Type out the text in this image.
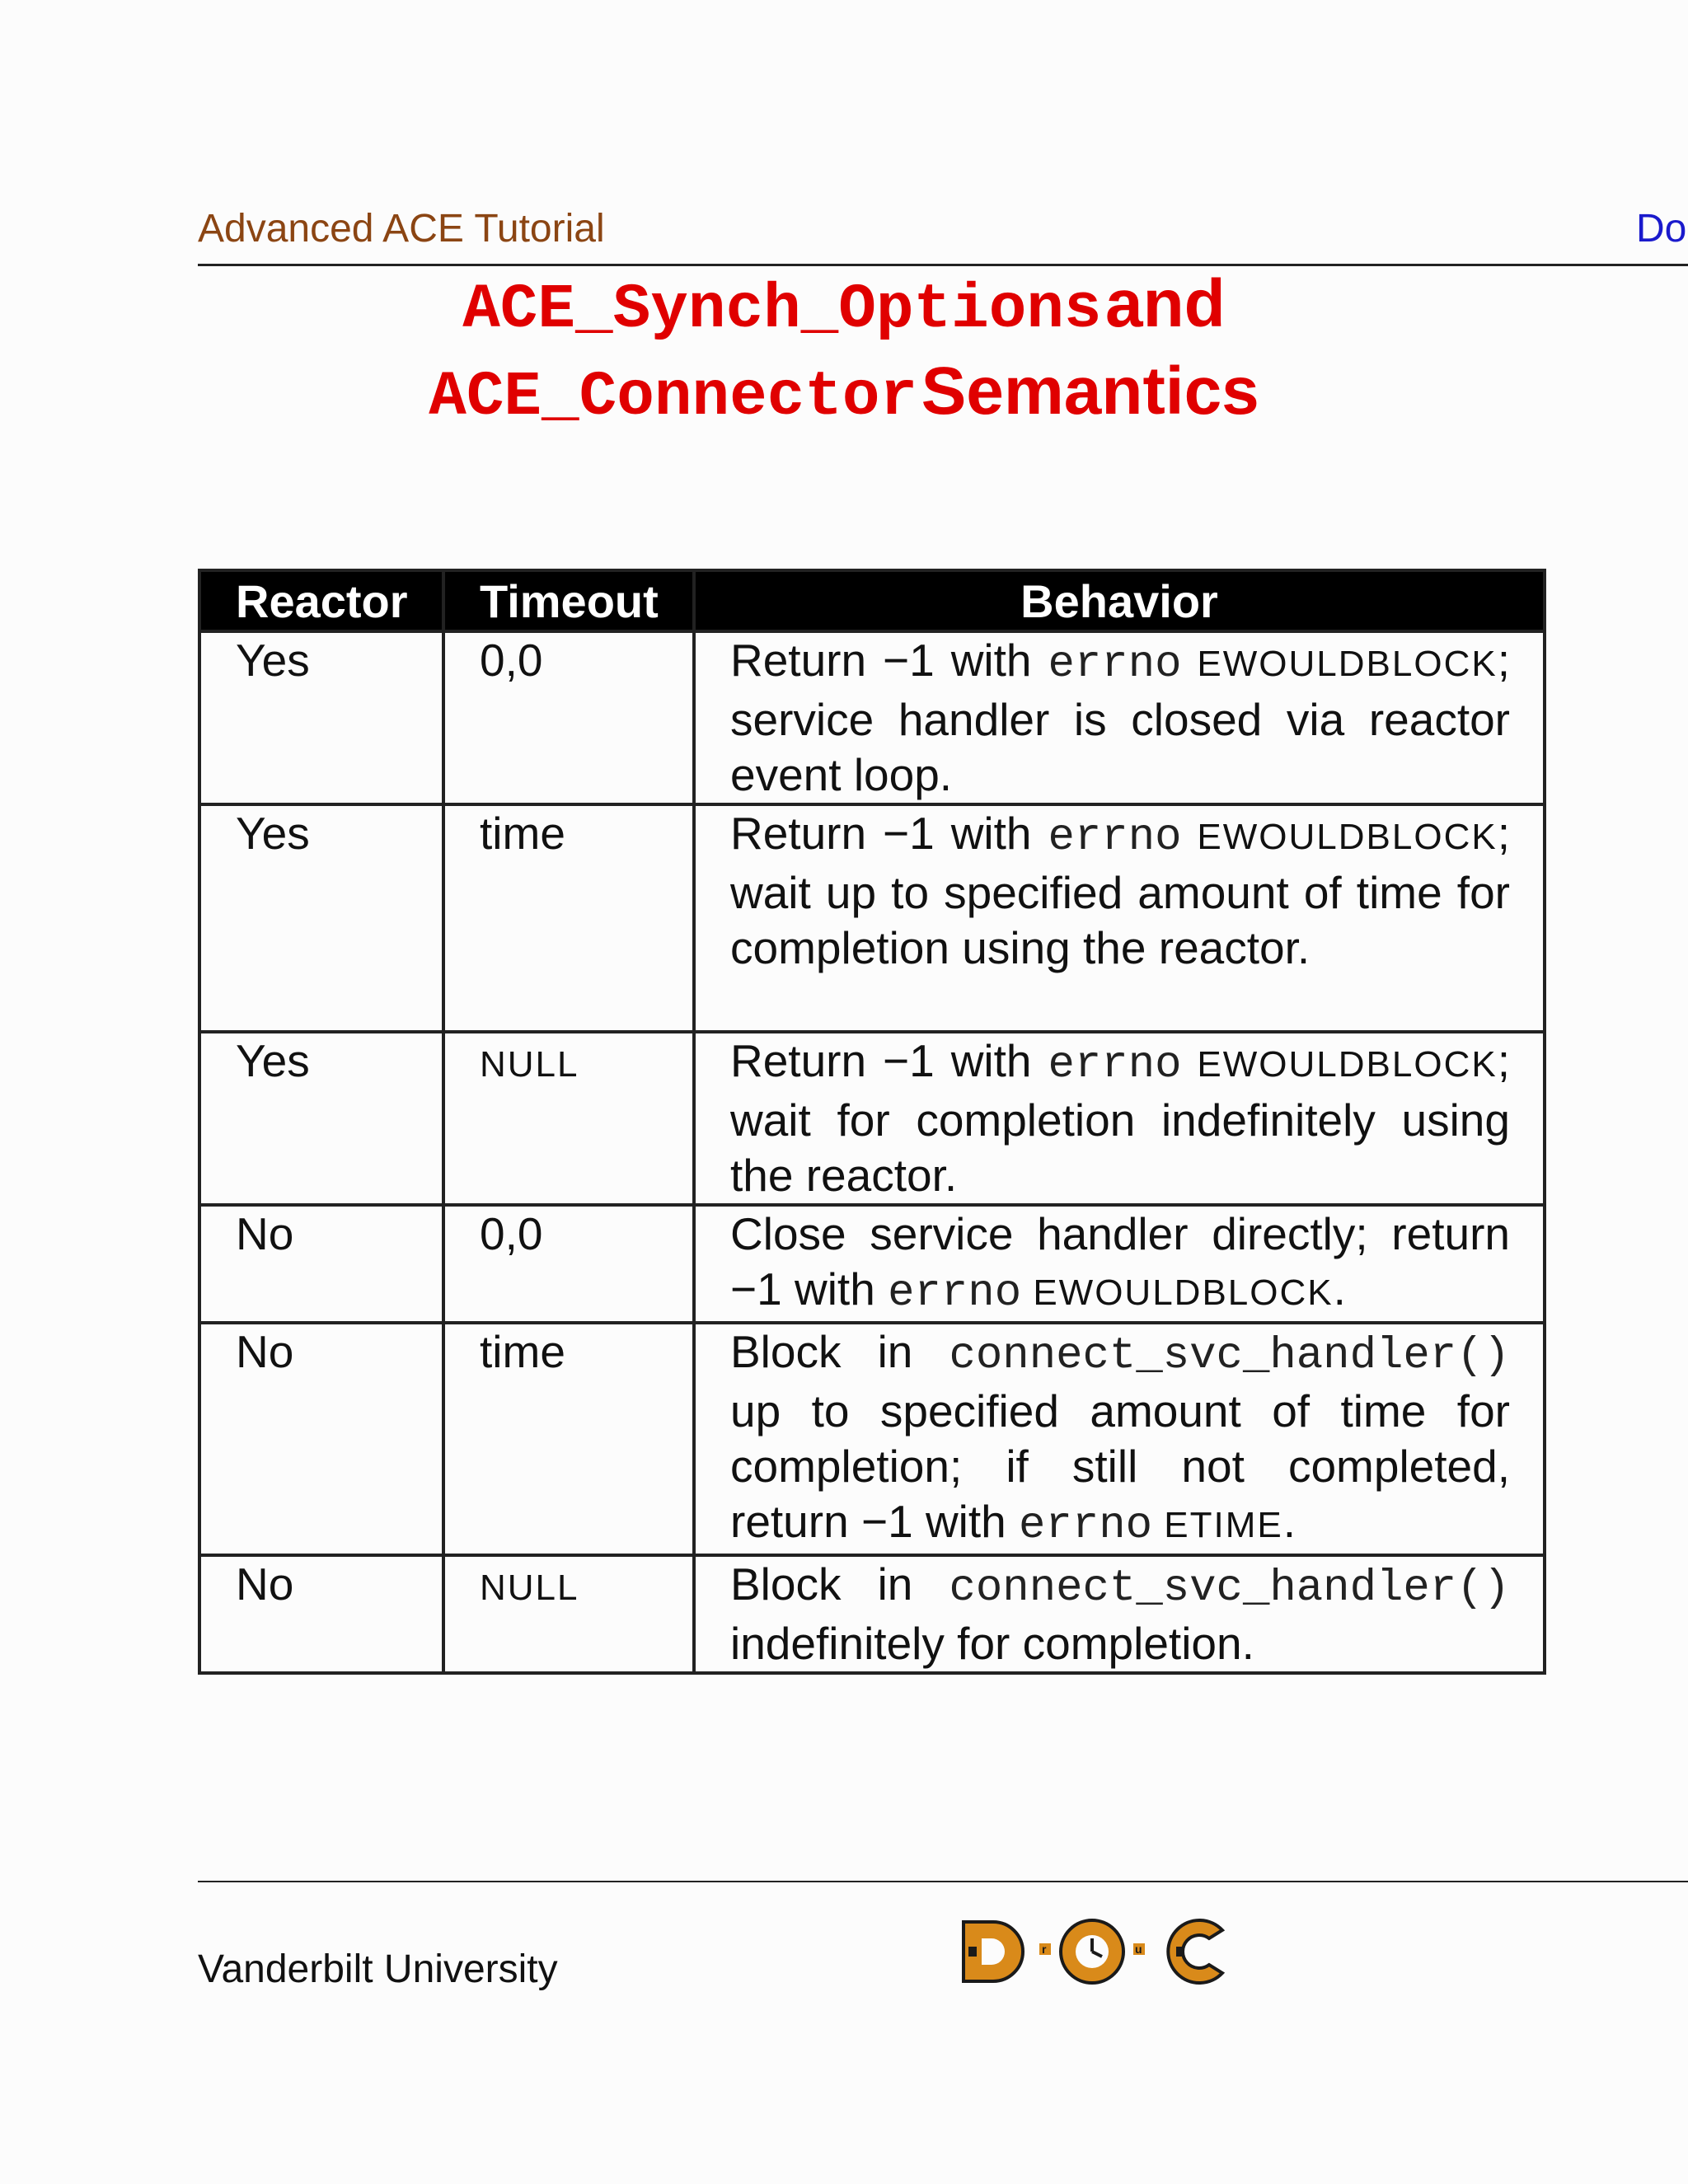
Advanced ACE Tutorial	Do
ACE_Synch_Options and
ACE_Connector Semantics
Reactor	Timeout	Behavior
Yes	0,0	Return −1 with errno EWOULDBLOCK; service handler is closed via reactor event loop.
Yes	time	Return −1 with errno EWOULDBLOCK; wait up to specified amount of time for completion using the reactor.
Yes	NULL	Return −1 with errno EWOULDBLOCK; wait for completion indefinitely using the reactor.
No	0,0	Close service handler directly; return −1 with errno EWOULDBLOCK.
No	time	Block in connect_svc_handler() up to specified amount of time for completion; if still not completed, return −1 with errno ETIME.
No	NULL	Block in connect_svc_handler() indefinitely for completion.
Vanderbilt University	r	u
